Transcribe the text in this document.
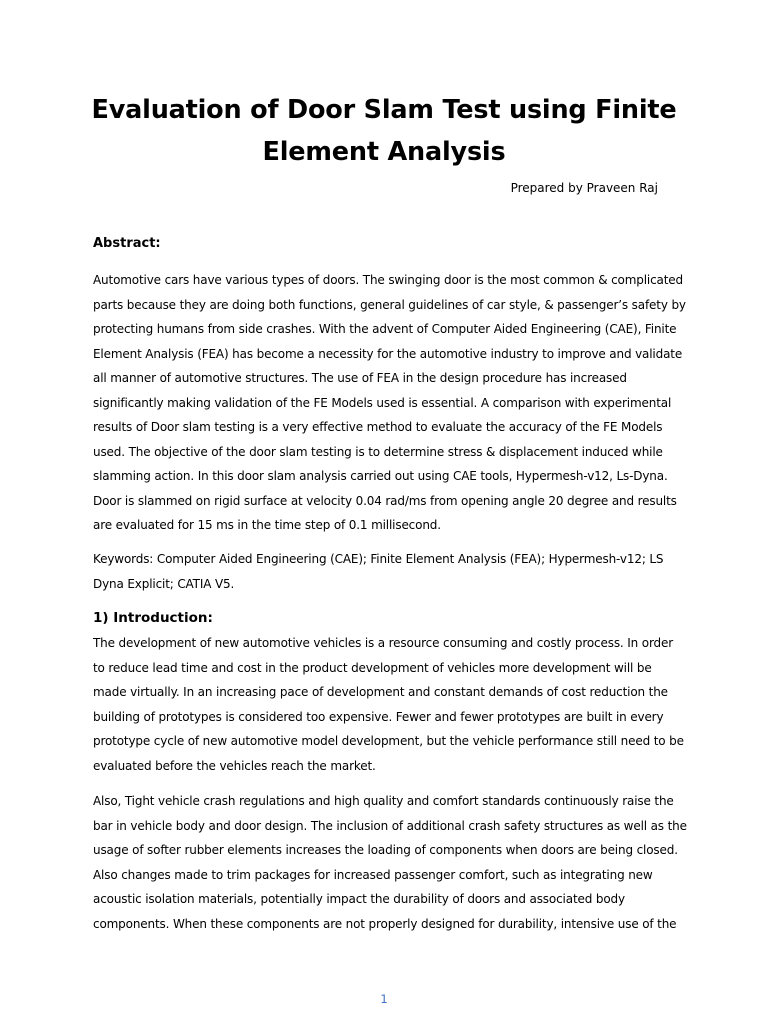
Evaluation of Door Slam Test using Finite
Element Analysis
Prepared by Praveen Raj
Abstract:

Automotive cars have various types of doors. The swinging door is the most common & complicated
parts because they are doing both functions, general guidelines of car style, & passenger’s safety by
protecting humans from side crashes. With the advent of Computer Aided Engineering (CAE), Finite
Element Analysis (FEA) has become a necessity for the automotive industry to improve and validate
all manner of automotive structures. The use of FEA in the design procedure has increased
significantly making validation of the FE Models used is essential. A comparison with experimental
results of Door slam testing is a very effective method to evaluate the accuracy of the FE Models
used. The objective of the door slam testing is to determine stress & displacement induced while
slamming action. In this door slam analysis carried out using CAE tools, Hypermesh-v12, Ls-Dyna.
Door is slammed on rigid surface at velocity 0.04 rad/ms from opening angle 20 degree and results
are evaluated for 15 ms in the time step of 0.1 millisecond.

Keywords: Computer Aided Engineering (CAE); Finite Element Analysis (FEA); Hypermesh-v12; LS
Dyna Explicit; CATIA V5.

1) Introduction:

The development of new automotive vehicles is a resource consuming and costly process. In order
to reduce lead time and cost in the product development of vehicles more development will be
made virtually. In an increasing pace of development and constant demands of cost reduction the
building of prototypes is considered too expensive. Fewer and fewer prototypes are built in every
prototype cycle of new automotive model development, but the vehicle performance still need to be
evaluated before the vehicles reach the market.

Also, Tight vehicle crash regulations and high quality and comfort standards continuously raise the
bar in vehicle body and door design. The inclusion of additional crash safety structures as well as the
usage of softer rubber elements increases the loading of components when doors are being closed.
Also changes made to trim packages for increased passenger comfort, such as integrating new
acoustic isolation materials, potentially impact the durability of doors and associated body
components. When these components are not properly designed for durability, intensive use of the

1
